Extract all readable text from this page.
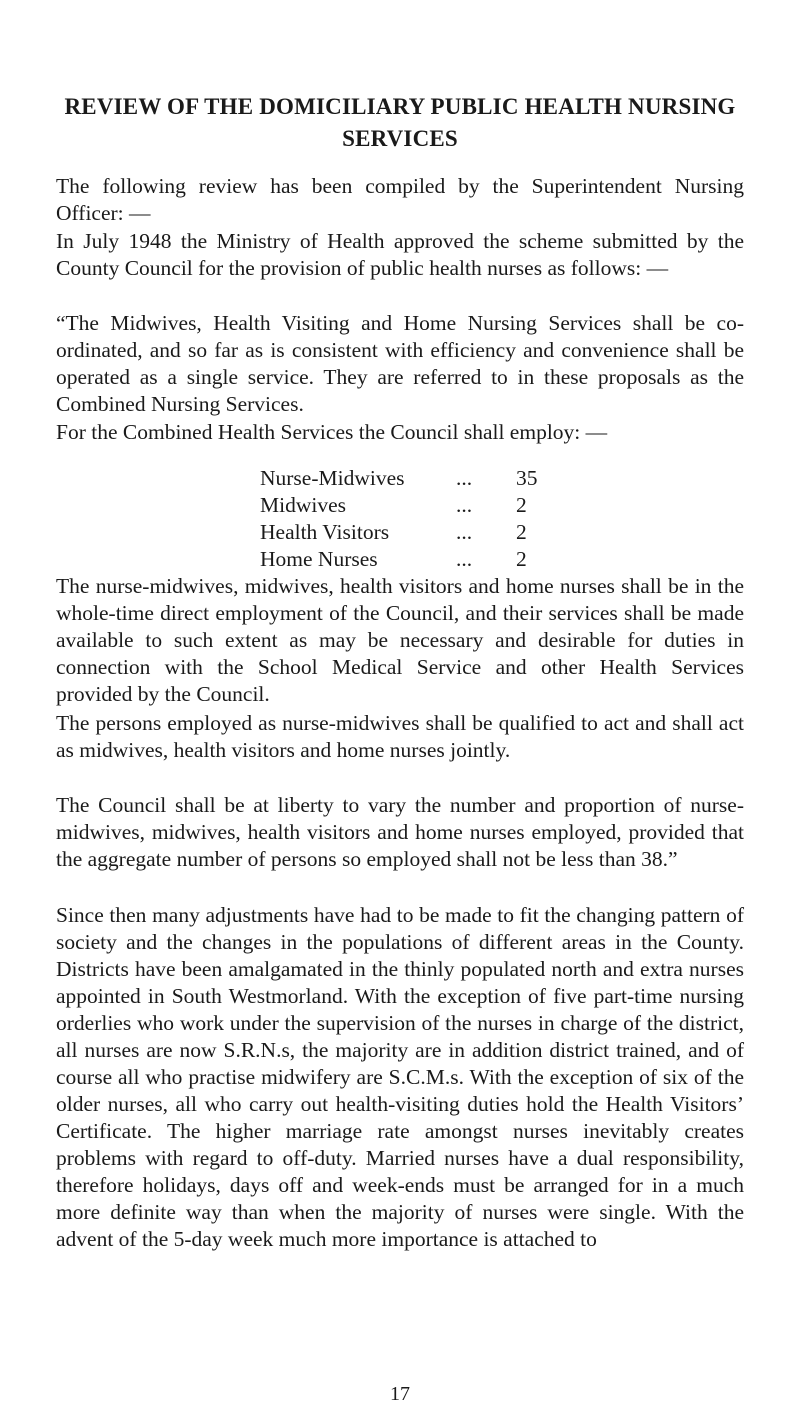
REVIEW OF THE DOMICILIARY PUBLIC HEALTH NURSING SERVICES

The following review has been compiled by the Superintendent Nursing Officer: —

In July 1948 the Ministry of Health approved the scheme submitted by the County Council for the provision of public health nurses as follows: —

“The Midwives, Health Visiting and Home Nursing Services shall be co-ordinated, and so far as is consistent with efficiency and convenience shall be operated as a single service. They are referred to in these proposals as the Combined Nursing Services.

For the Combined Health Services the Council shall employ: —

Nurse-Midwives	...	35
Midwives	...	2
Health Visitors	...	2
Home Nurses	...	2

The nurse-midwives, midwives, health visitors and home nurses shall be in the whole-time direct employment of the Council, and their services shall be made available to such extent as may be necessary and desirable for duties in connection with the School Medical Service and other Health Services provided by the Council.

The persons employed as nurse-midwives shall be qualified to act and shall act as midwives, health visitors and home nurses jointly.

The Council shall be at liberty to vary the number and proportion of nurse-midwives, midwives, health visitors and home nurses employed, provided that the aggregate number of persons so employed shall not be less than 38.”

Since then many adjustments have had to be made to fit the changing pattern of society and the changes in the populations of different areas in the County. Districts have been amalgamated in the thinly populated north and extra nurses appointed in South Westmorland. With the exception of five part-time nursing orderlies who work under the supervision of the nurses in charge of the district, all nurses are now S.R.N.s, the majority are in addition district trained, and of course all who practise midwifery are S.C.M.s. With the exception of six of the older nurses, all who carry out health-visiting duties hold the Health Visitors’ Certificate. The higher marriage rate amongst nurses inevitably creates problems with regard to off-duty. Married nurses have a dual responsibility, therefore holidays, days off and week-ends must be arranged for in a much more definite way than when the majority of nurses were single. With the advent of the 5-day week much more importance is attached to

17
